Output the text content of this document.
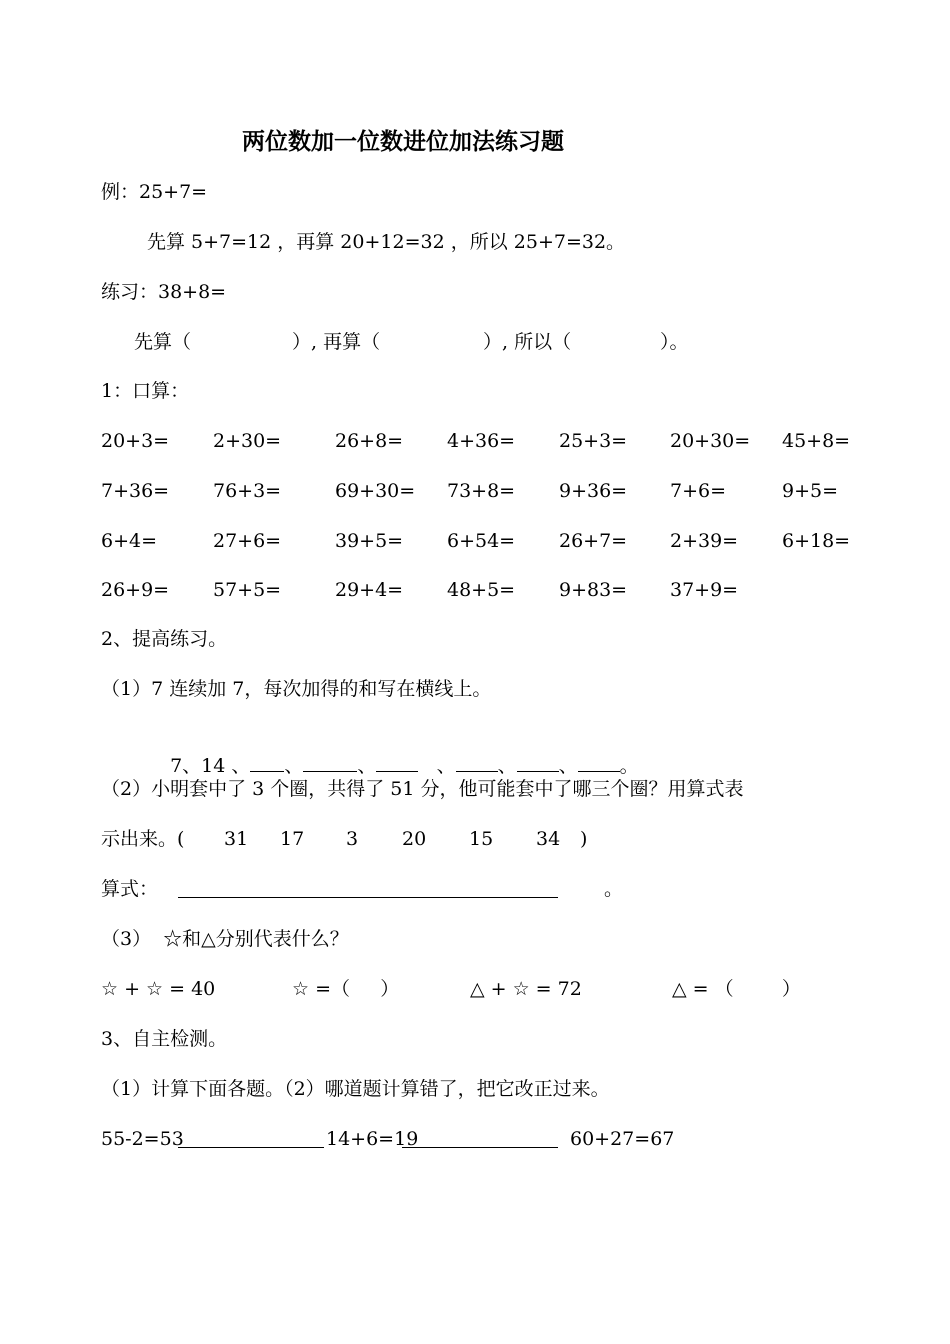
两位数加一位数进位加法练习题
例：25+7=
先算 5+7=12 ，再算 20+12=32 ，所以 25+7=32。
练习：38+8=
先算（	）, 再算（	）, 所以（	）。
1：口算：
20+3= 2+30=	26+8= 4+36= 25+3= 20+30= 45+8=
7+36= 76+3=	69+30= 73+8= 9+36= 7+6=	9+5=
6+4=	27+6=	39+5= 6+54= 26+7= 2+39= 6+18=
26+9= 57+5=	29+4= 48+5= 9+83= 37+9=
2、提高练习。
（1）7 连续加 7，每次加得的和写在横线上。

7、14 、 、	、	、 、 、 。

（2）小明套中了 3 个圈，共得了 51 分，他可能套中了哪三个圈？用算式表
示出来。( 31 17 3 20 15 34 )
算式：	。
（3）  ☆和△分别代表什么？
☆ + ☆ = 40	☆ =（     ）	△ + ☆ = 72	△ = （        ）
3、自主检测。
（1）计算下面各题。（2）哪道题计算错了，把它改正过来。
55-2=53	14+6=19	60+27=67
